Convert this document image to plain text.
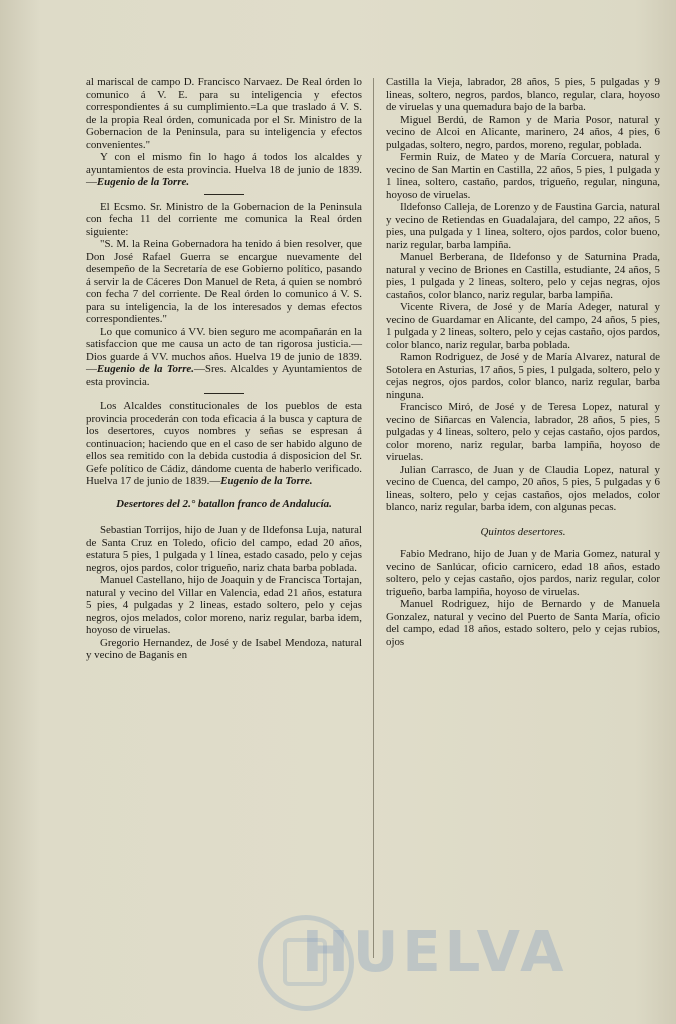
al mariscal de campo D. Francisco Narvaez. De Real órden lo comunico á V. E. para su inteligencia y efectos correspondientes á su cumplimiento.=La que traslado á V. S. de la propia Real órden, comunicada por el Sr. Ministro de la Gobernacion de la Peninsula, para su inteligencia y efectos convenientes."

Y con el mismo fin lo hago á todos los alcaldes y ayuntamientos de esta provincia. Huelva 18 de junio de 1839.—Eugenio de la Torre.

El Ecsmo. Sr. Ministro de la Gobernacion de la Peninsula con fecha 11 del corriente me comunica la Real órden siguiente:

"S. M. la Reina Gobernadora ha tenido á bien resolver, que Don José Rafael Guerra se encargue nuevamente del desempeño de la Secretaría de ese Gobierno político, pasando á servir la de Cáceres Don Manuel de Reta, á quien se nombró con fecha 7 del corriente. De Real órden lo comunico á V. S. para su inteligencia, la de los interesados y demas efectos correspondientes."

Lo que comunico á VV. bien seguro me acompañarán en la satisfaccion que me causa un acto de tan rigorosa justicia.—Dios guarde á VV. muchos años. Huelva 19 de junio de 1839.—Eugenio de la Torre.—Sres. Alcaldes y Ayuntamientos de esta provincia.

Los Alcaldes constitucionales de los pueblos de esta provincia procederán con toda eficacia á la busca y captura de los desertores, cuyos nombres y señas se espresan á continuacion; haciendo que en el caso de ser habido alguno de ellos sea remitido con la debida custodia á disposicion del Sr. Gefe político de Cádiz, dándome cuenta de haberlo verificado. Huelva 17 de junio de 1839.—Eugenio de la Torre.

Desertores del 2.° batallon franco de Andalucía.

Sebastian Torrijos, hijo de Juan y de Ildefonsa Luja, natural de Santa Cruz en Toledo, oficio del campo, edad 20 años, estatura 5 pies, 1 pulgada y 1 línea, estado casado, pelo y cejas negros, ojos pardos, color trigueño, nariz chata barba poblada.

Manuel Castellano, hijo de Joaquin y de Francisca Tortajan, natural y vecino del Villar en Valencia, edad 21 años, estatura 5 pies, 4 pulgadas y 2 lineas, estado soltero, pelo y cejas negros, ojos melados, color moreno, nariz regular, barba idem, hoyoso de viruelas.

Gregorio Hernandez, de José y de Isabel Mendoza, natural y vecino de Baganis en

Castilla la Vieja, labrador, 28 años, 5 pies, 5 pulgadas y 9 lineas, soltero, negros, pardos, blanco, regular, clara, hoyoso de viruelas y una quemadura bajo de la barba.

Miguel Berdú, de Ramon y de Maria Posor, natural y vecino de Alcoi en Alicante, marinero, 24 años, 4 pies, 6 pulgadas, soltero, negro, pardos, moreno, regular, poblada.

Fermin Ruiz, de Mateo y de María Corcuera, natural y vecino de San Martin en Castilla, 22 años, 5 pies, 1 pulgada y 1 linea, soltero, castaño, pardos, trigueño, regular, ninguna, hoyoso de viruelas.

Ildefonso Calleja, de Lorenzo y de Faustina Garcia, natural y vecino de Retiendas en Guadalajara, del campo, 22 años, 5 pies, una pulgada y 1 linea, soltero, ojos pardos, color bueno, nariz regular, barba lampiña.

Manuel Berberana, de Ildefonso y de Saturnina Prada, natural y vecino de Briones en Castilla, estudiante, 24 años, 5 pies, 1 pulgada y 2 lineas, soltero, pelo y cejas negras, ojos castaños, color blanco, nariz regular, barba lampiña.

Vicente Rivera, de José y de María Adeger, natural y vecino de Guardamar en Alicante, del campo, 24 años, 5 pies, 1 pulgada y 2 lineas, soltero, pelo y cejas castaño, ojos pardos, color blanco, nariz regular, barba poblada.

Ramon Rodriguez, de José y de María Alvarez, natural de Sotolera en Asturias, 17 años, 5 pies, 1 pulgada, soltero, pelo y cejas negros, ojos pardos, color blanco, nariz regular, barba ninguna.

Francisco Miró, de José y de Teresa Lopez, natural y vecino de Siñarcas en Valencia, labrador, 28 años, 5 pies, 5 pulgadas y 4 lineas, soltero, pelo y cejas castaño, ojos pardos, color moreno, nariz regular, barba lampiña, hoyoso de viruelas.

Julian Carrasco, de Juan y de Claudia Lopez, natural y vecino de Cuenca, del campo, 20 años, 5 pies, 5 pulgadas y 6 lineas, soltero, pelo y cejas castaños, ojos melados, color blanco, nariz regular, barba idem, con algunas pecas.

Quintos desertores.

Fabio Medrano, hijo de Juan y de Maria Gomez, natural y vecino de Sanlúcar, oficio carnicero, edad 18 años, estado soltero, pelo y cejas castaño, ojos pardos, nariz regular, color trigueño, barba lampiña, hoyoso de viruelas.

Manuel Rodriguez, hijo de Bernardo y de Manuela Gonzalez, natural y vecino del Puerto de Santa María, oficio del campo, edad 18 años, estado soltero, pelo y cejas rubios, ojos

HUELVA
